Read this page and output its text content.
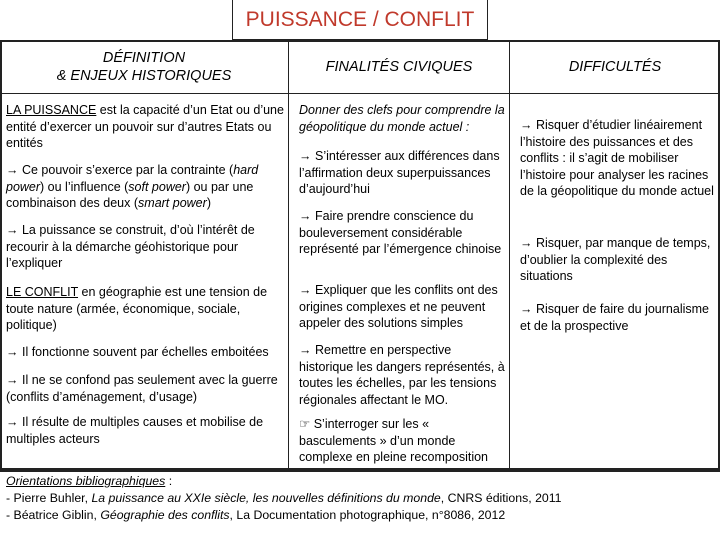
PUISSANCE / CONFLIT
DÉFINITION
& ENJEUX HISTORIQUES
FINALITÉS CIVIQUES	DIFFICULTÉS

LA PUISSANCE est la capacité d’un Etat ou d’une entité d’exercer un pouvoir sur d’autres Etats ou entités

→ Ce pouvoir s’exerce par la contrainte (hard power) ou l’influence (soft power) ou par une combinaison des deux (smart power)

→ La puissance se construit, d’où l’intérêt de recourir à la démarche géohistorique pour l’expliquer

LE CONFLIT en géographie est une tension de toute nature (armée, économique, sociale, politique)

→ Il fonctionne souvent par échelles emboitées

→ Il ne se confond pas seulement avec la guerre (conflits d’aménagement, d’usage)

→ Il résulte de multiples causes et mobilise de multiples acteurs

Donner des clefs pour comprendre la géopolitique du monde actuel :

→ S’intéresser aux différences dans l’affirmation deux superpuissances d’aujourd’hui

→ Faire prendre conscience du bouleversement considérable représenté par l’émergence chinoise

→ Expliquer que les conflits ont des origines complexes et ne peuvent appeler des solutions simples

→ Remettre en perspective historique les dangers représentés, à toutes les échelles, par les tensions régionales affectant le MO.

☞ S’interroger sur les « basculements » d’un monde complexe en pleine recomposition

→ Risquer d’étudier linéairement l’histoire des puissances et des conflits : il s’agit de mobiliser l’histoire pour analyser les racines de la géopolitique du monde actuel

→ Risquer, par manque de temps, d’oublier la complexité des situations

→ Risquer de faire du journalisme et de la prospective

Orientations bibliographiques :
- Pierre Buhler, La puissance au XXIe siècle, les nouvelles définitions du monde, CNRS éditions, 2011
- Béatrice Giblin, Géographie des conflits, La Documentation photographique, n°8086, 2012
